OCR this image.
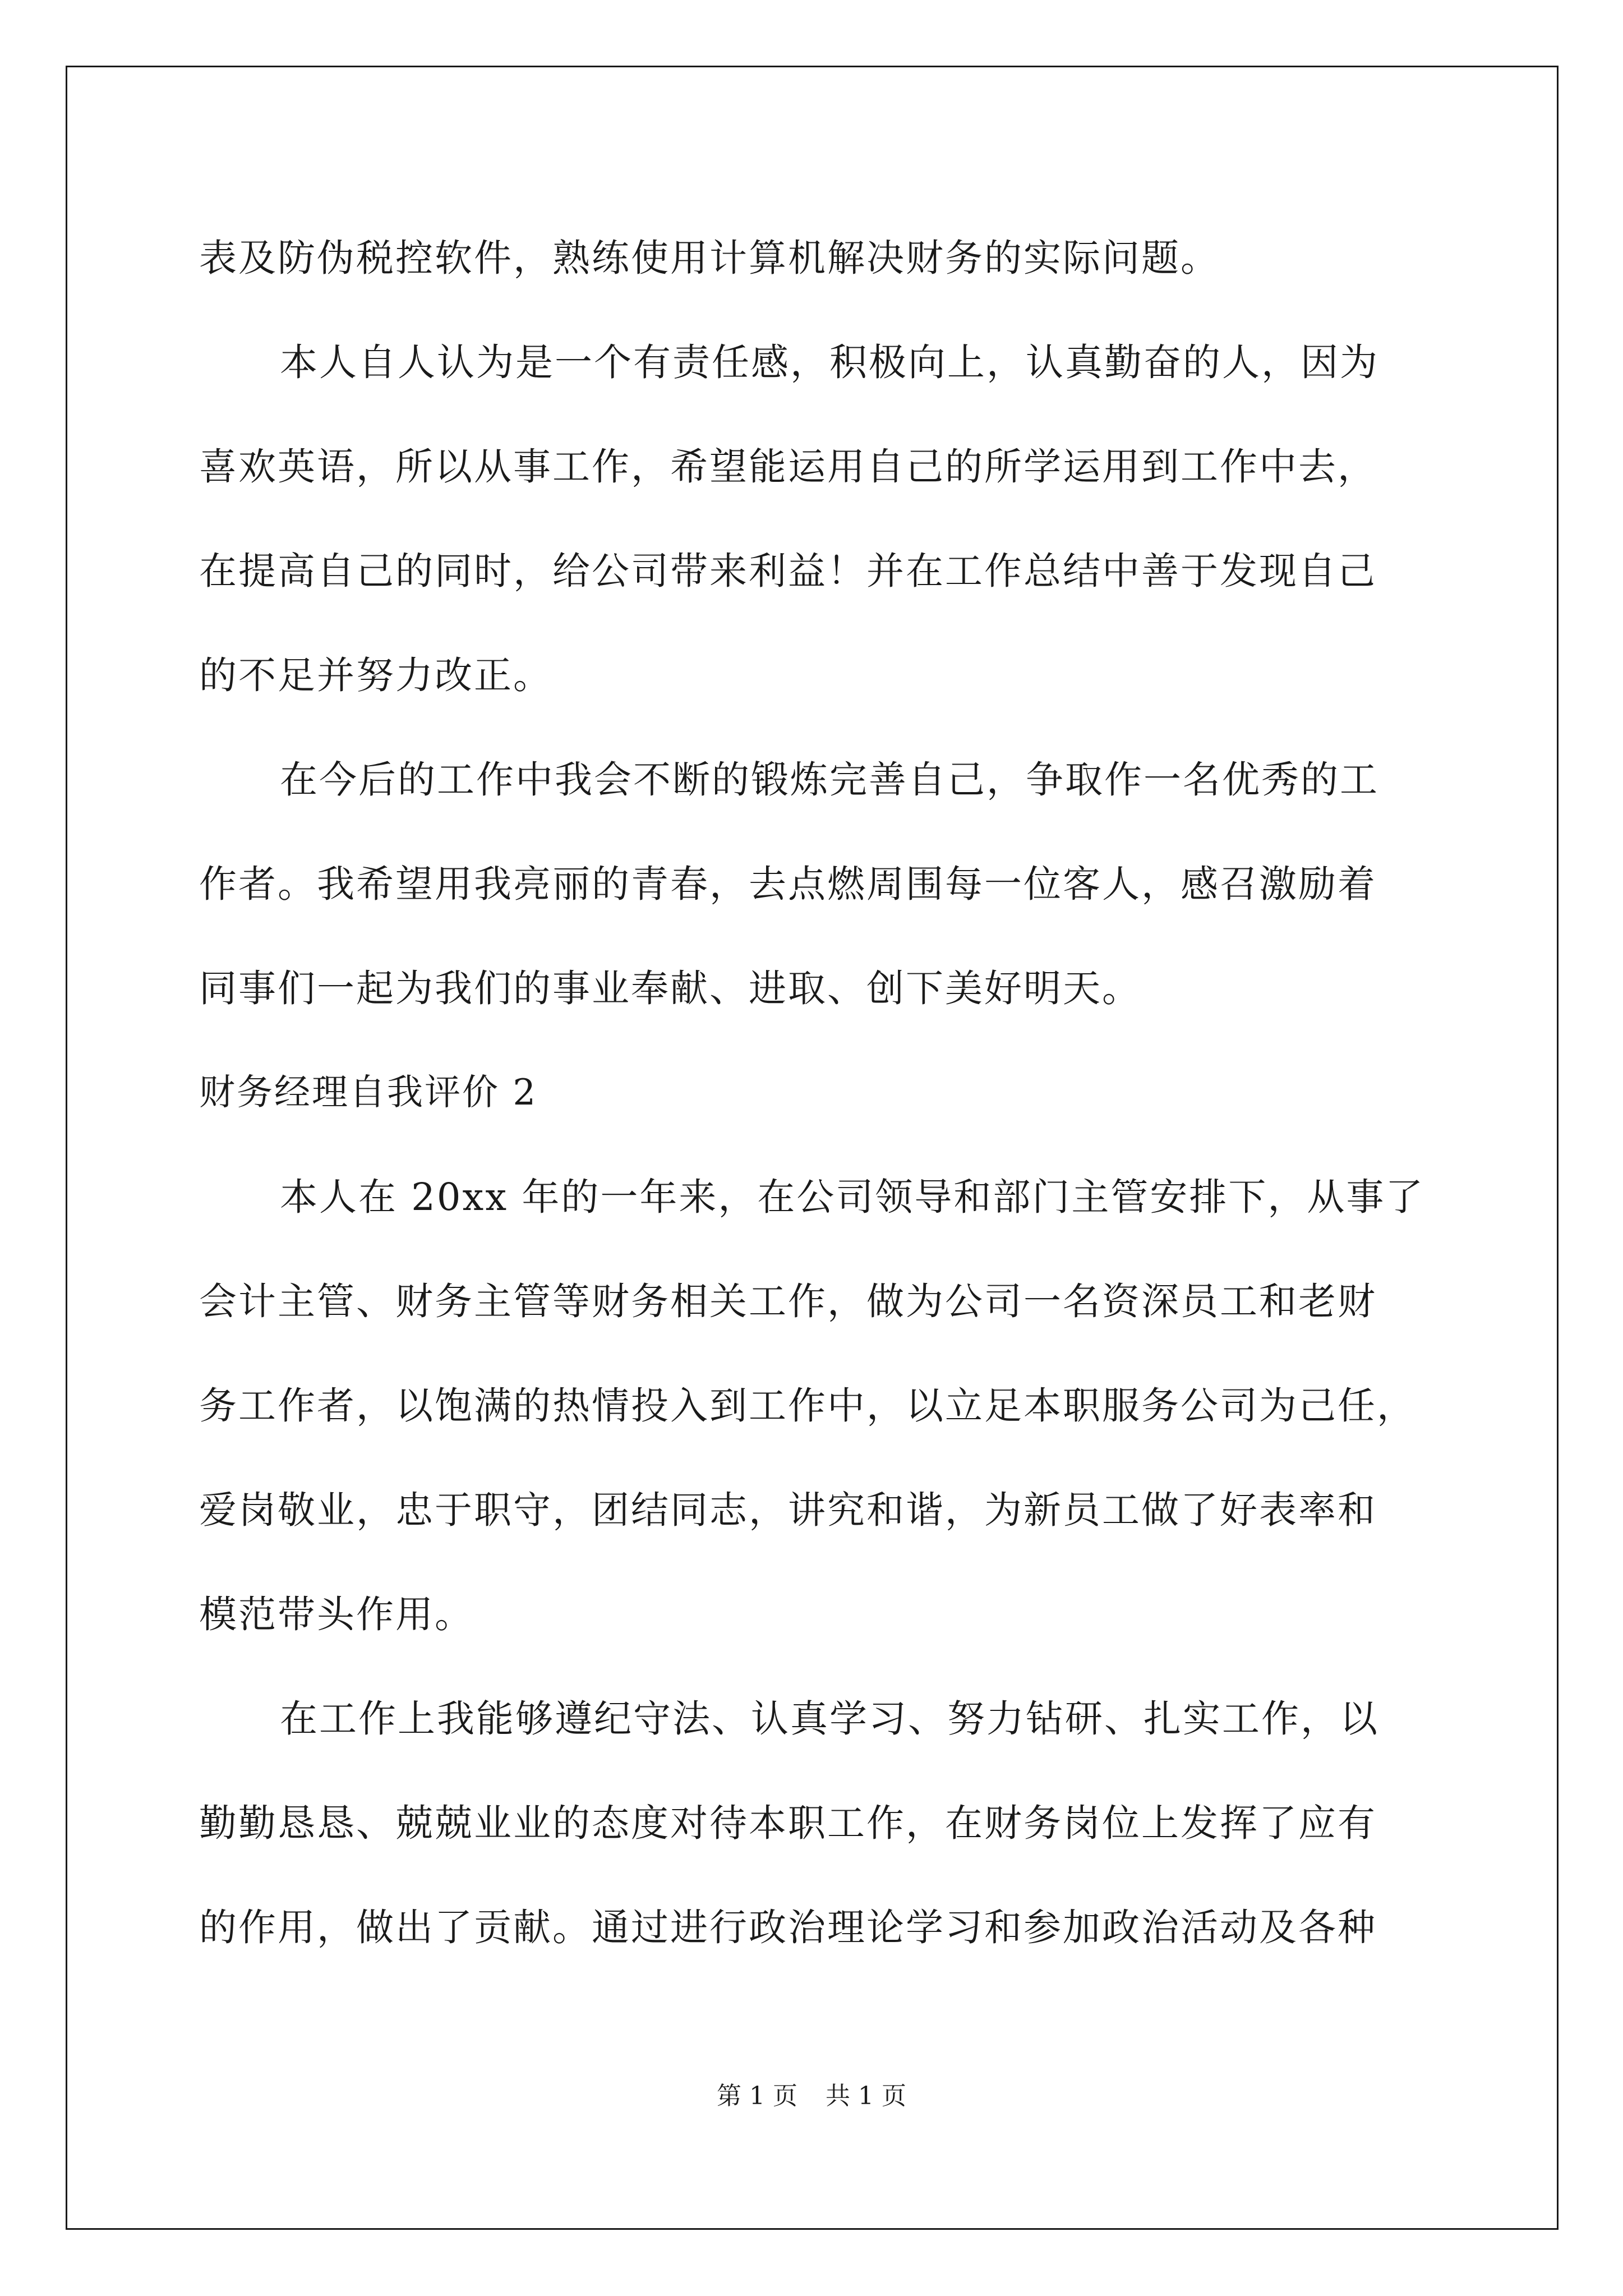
表及防伪税控软件，熟练使用计算机解决财务的实际问题。
本人自人认为是一个有责任感，积极向上，认真勤奋的人，因为
喜欢英语，所以从事工作，希望能运用自己的所学运用到工作中去，
在提高自己的同时，给公司带来利益！并在工作总结中善于发现自己
的不足并努力改正。
在今后的工作中我会不断的锻炼完善自己，争取作一名优秀的工
作者。我希望用我亮丽的青春，去点燃周围每一位客人，感召激励着
同事们一起为我们的事业奉献、进取、创下美好明天。
财务经理自我评价 2
本人在 20xx 年的一年来，在公司领导和部门主管安排下，从事了
会计主管、财务主管等财务相关工作，做为公司一名资深员工和老财
务工作者，以饱满的热情投入到工作中，以立足本职服务公司为己任，
爱岗敬业，忠于职守，团结同志，讲究和谐，为新员工做了好表率和
模范带头作用。
在工作上我能够遵纪守法、认真学习、努力钻研、扎实工作，以
勤勤恳恳、兢兢业业的态度对待本职工作，在财务岗位上发挥了应有
的作用，做出了贡献。通过进行政治理论学习和参加政治活动及各种
第 1 页 共 1 页
